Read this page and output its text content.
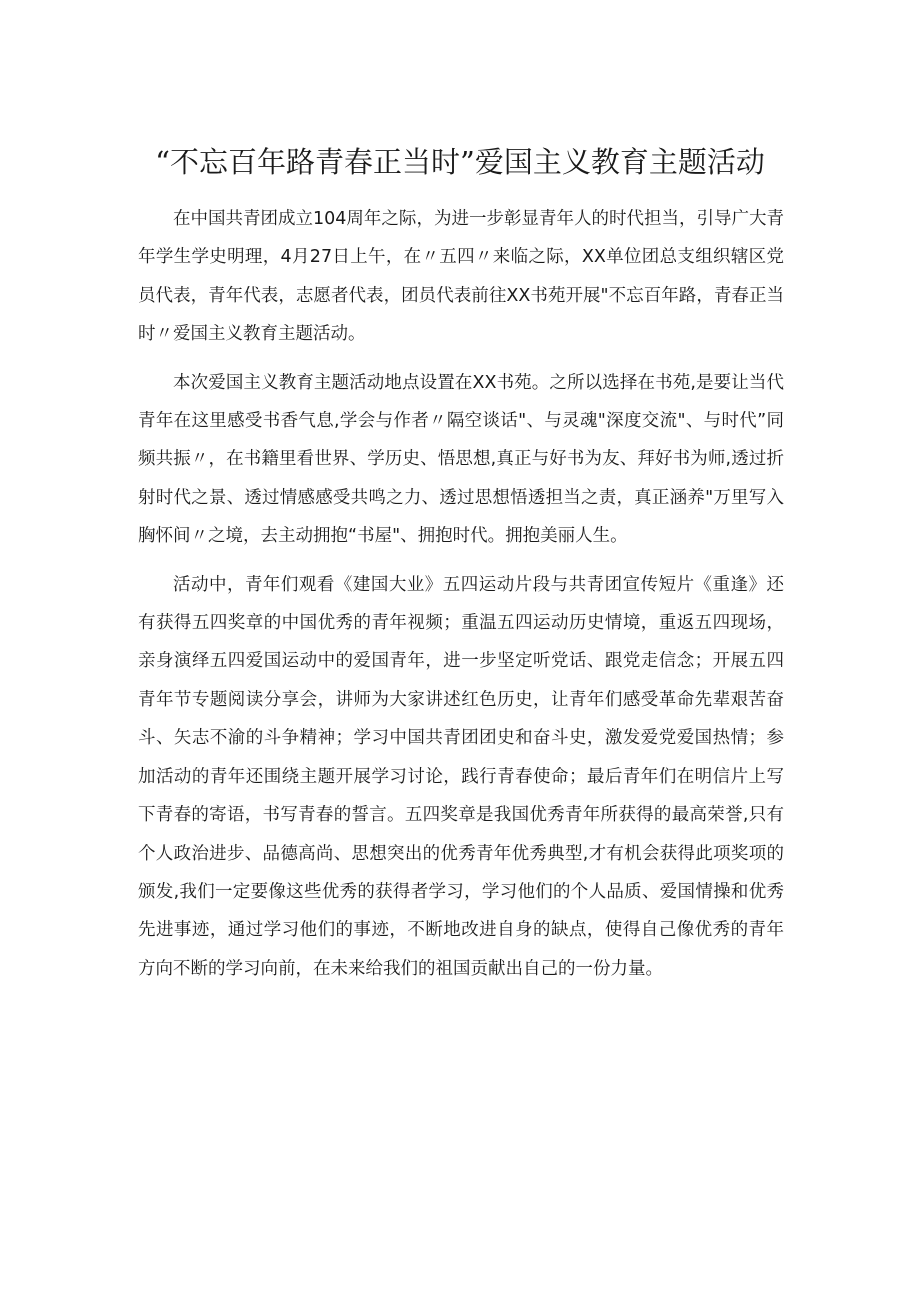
“不忘百年路青春正当时”爱国主义教育主题活动

在中国共青团成立104周年之际，为进一步彰显青年人的时代担当，引导广大青年学生学史明理，4月27日上午，在〃五四〃来临之际，XX单位团总支组织辖区党员代表，青年代表，志愿者代表，团员代表前往XX书苑开展"不忘百年路，青春正当时〃爱国主义教育主题活动。

本次爱国主义教育主题活动地点设置在XX书苑。之所以选择在书苑,是要让当代青年在这里感受书香气息,学会与作者〃隔空谈话"、与灵魂"深度交流"、与时代”同频共振〃，在书籍里看世界、学历史、悟思想,真正与好书为友、拜好书为师,透过折射时代之景、透过情感感受共鸣之力、透过思想悟透担当之责，真正涵养"万里写入胸怀间〃之境，去主动拥抱“书屋"、拥抱时代。拥抱美丽人生。

活动中，青年们观看《建国大业》五四运动片段与共青团宣传短片《重逢》还有获得五四奖章的中国优秀的青年视频；重温五四运动历史情境，重返五四现场，亲身演绎五四爱国运动中的爱国青年，进一步坚定听党话、跟党走信念；开展五四青年节专题阅读分享会，讲师为大家讲述红色历史，让青年们感受革命先辈艰苦奋斗、矢志不渝的斗争精神；学习中国共青团团史和奋斗史，激发爱党爱国热情；参加活动的青年还围绕主题开展学习讨论，践行青春使命；最后青年们在明信片上写下青春的寄语，书写青春的誓言。五四奖章是我国优秀青年所获得的最高荣誉,只有个人政治进步、品德高尚、思想突出的优秀青年优秀典型,才有机会获得此项奖项的颁发,我们一定要像这些优秀的获得者学习，学习他们的个人品质、爱国情操和优秀先进事迹，通过学习他们的事迹，不断地改进自身的缺点，使得自己像优秀的青年方向不断的学习向前，在未来给我们的祖国贡献出自己的一份力量。
